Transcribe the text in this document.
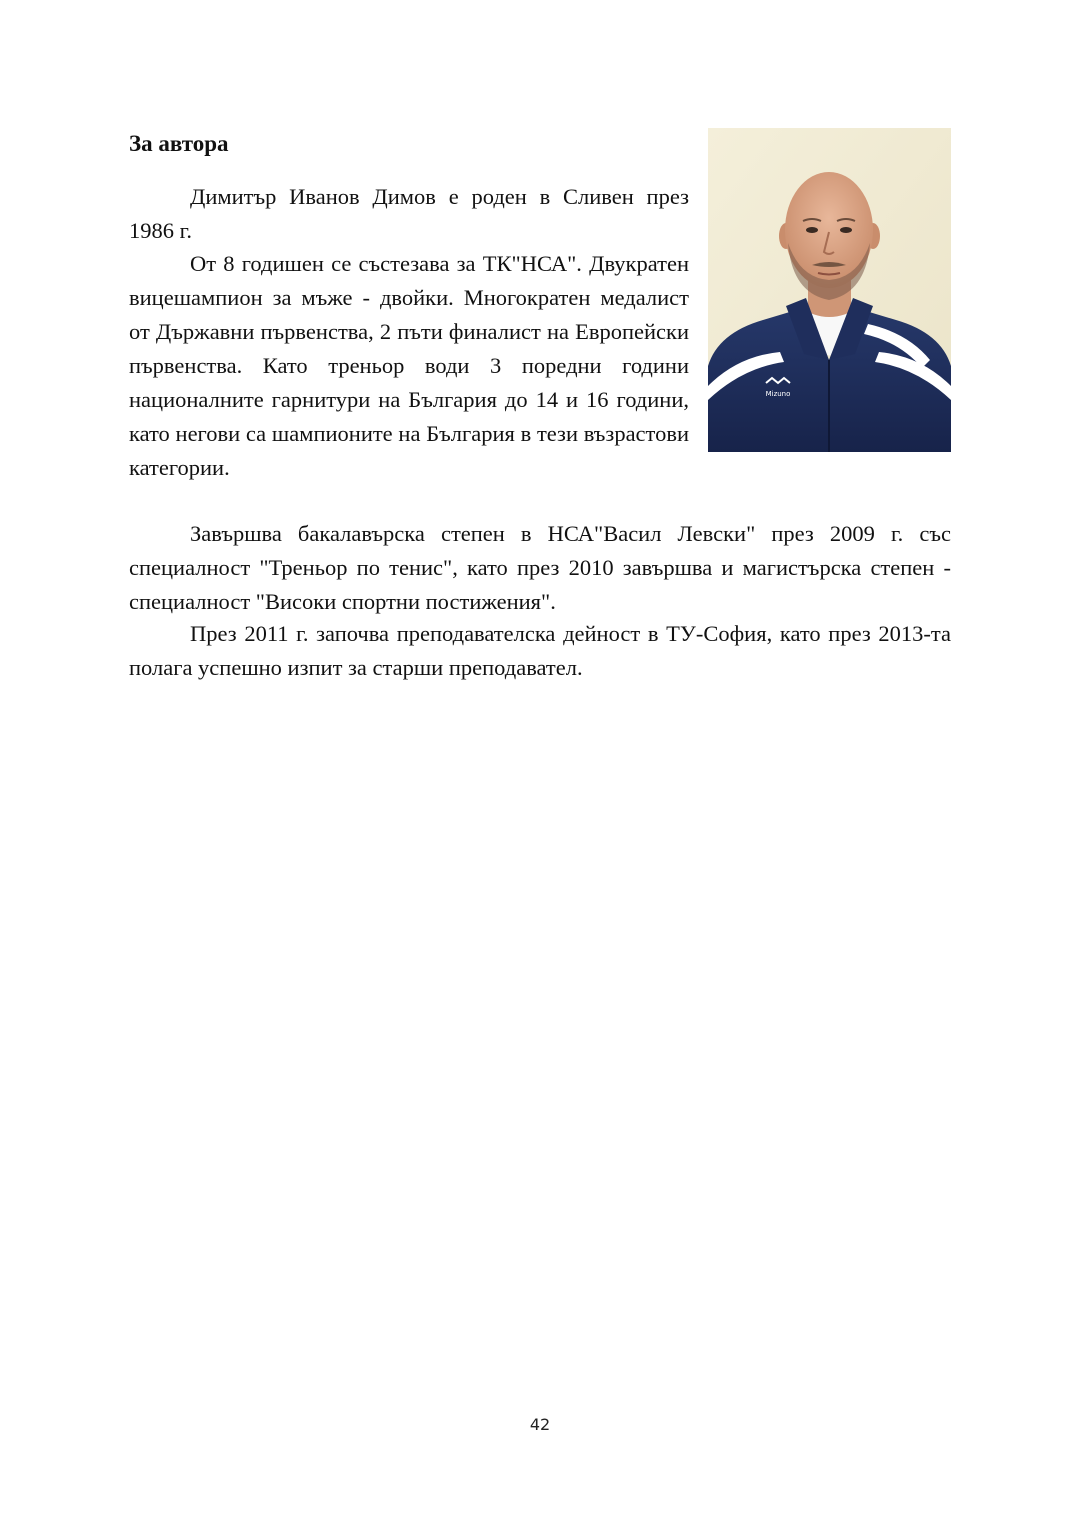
За автора
Mizuno

Димитър Иванов Димов е роден в Сливен през 1986 г.

От 8 годишен се състезава за ТК"НСА". Двукратен вицешампион за мъже - двойки. Многократен медалист от Държавни първенства, 2 пъти финалист на Европейски първенства. Като треньор води 3 поредни години националните гарнитури на България до 14 и 16 години, като негови са шампионите на България в тези възрастови категории.

Завършва бакалавърска степен в НСА"Васил Левски" през 2009 г. със специалност "Треньор по тенис", като през 2010 завършва и магистърска степен - специалност "Високи спортни постижения".

През 2011 г. започва преподавателска дейност в ТУ-София, като през 2013-та полага успешно изпит за старши преподавател.

42
